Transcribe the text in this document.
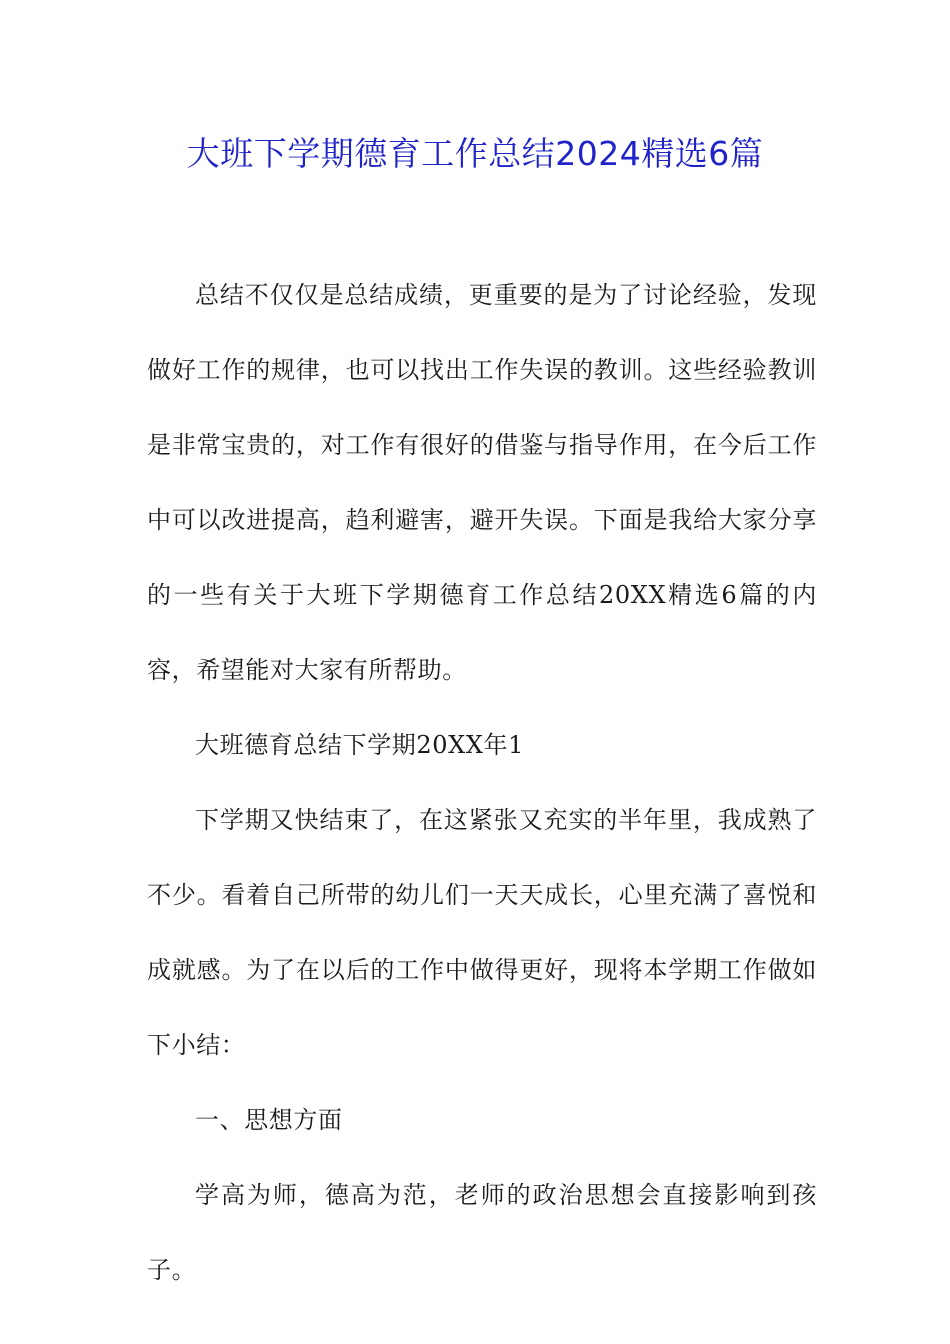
大班下学期德育工作总结2024精选6篇

总结不仅仅是总结成绩，更重要的是为了讨论经验，发现做好工作的规律，也可以找出工作失误的教训。这些经验教训是非常宝贵的，对工作有很好的借鉴与指导作用，在今后工作中可以改进提高，趋利避害，避开失误。下面是我给大家分享的一些有关于大班下学期德育工作总结20XX精选6篇的内容，希望能对大家有所帮助。

大班德育总结下学期20XX年1

下学期又快结束了，在这紧张又充实的半年里，我成熟了不少。看着自己所带的幼儿们一天天成长，心里充满了喜悦和成就感。为了在以后的工作中做得更好，现将本学期工作做如下小结：

一、思想方面

学高为师，德高为范，老师的政治思想会直接影响到孩子。
